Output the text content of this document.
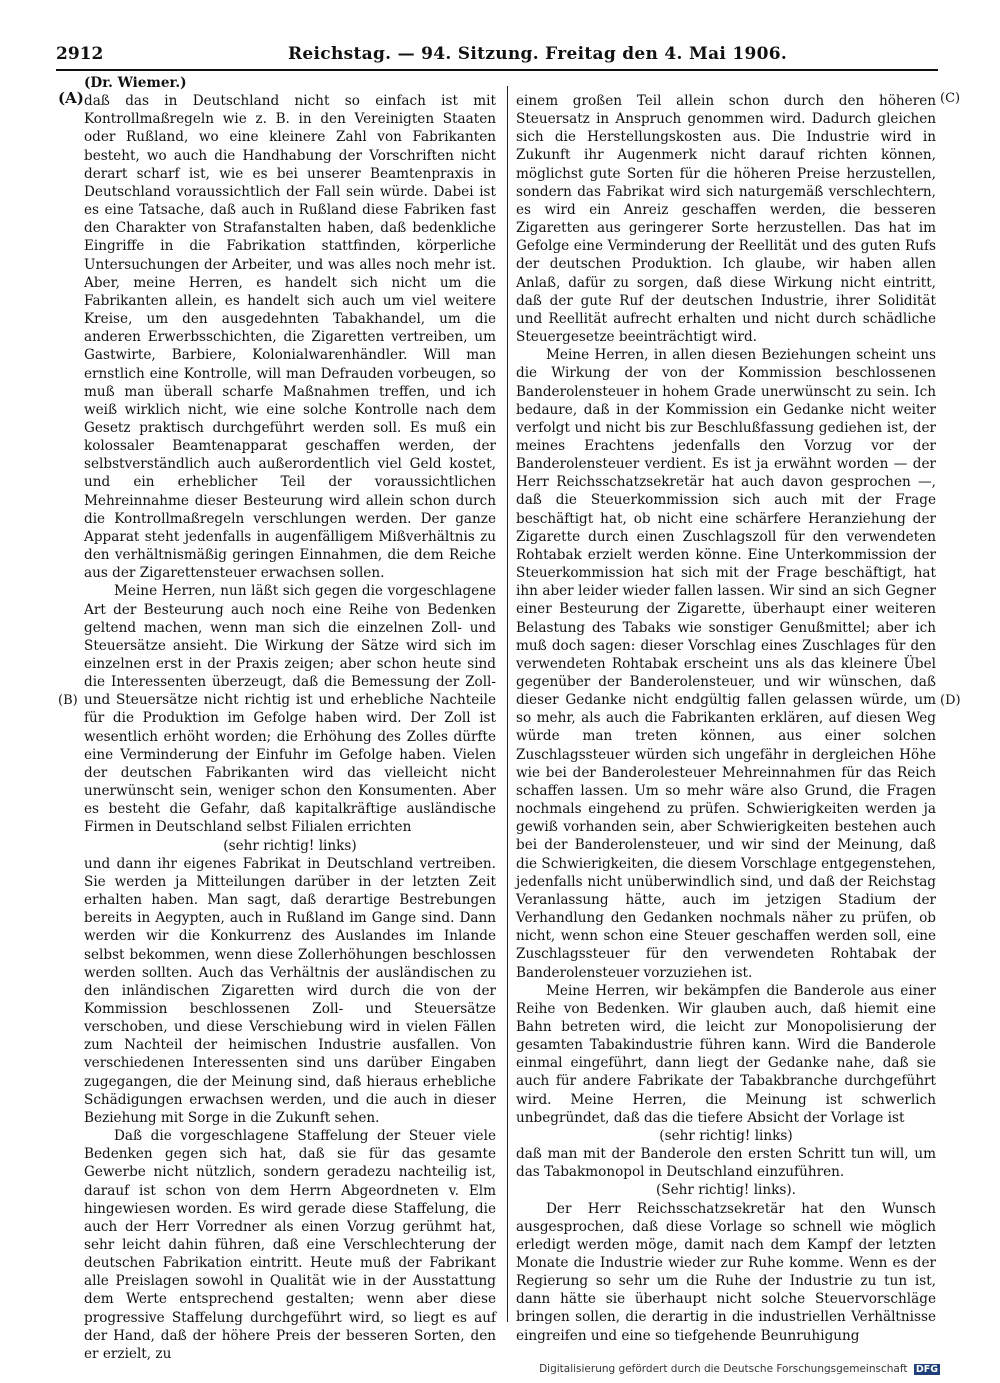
2912	Reichstag. — 94. Sitzung. Freitag den 4. Mai 1906.
(A)
(B)
(C)
(D)

(Dr. Wiemer.)

daß das in Deutschland nicht so einfach ist mit Kontrollmaßregeln wie z. B. in den Vereinigten Staaten oder Rußland, wo eine kleinere Zahl von Fabrikanten besteht, wo auch die Handhabung der Vorschriften nicht derart scharf ist, wie es bei unserer Beamtenpraxis in Deutschland voraussichtlich der Fall sein würde. Dabei ist es eine Tatsache, daß auch in Rußland diese Fabriken fast den Charakter von Strafanstalten haben, daß bedenkliche Eingriffe in die Fabrikation stattfinden, körperliche Untersuchungen der Arbeiter, und was alles noch mehr ist. Aber, meine Herren, es handelt sich nicht um die Fabrikanten allein, es handelt sich auch um viel weitere Kreise, um den ausgedehnten Tabakhandel, um die anderen Erwerbsschichten, die Zigaretten vertreiben, um Gastwirte, Barbiere, Kolonialwarenhändler. Will man ernstlich eine Kontrolle, will man Defrauden vorbeugen, so muß man überall scharfe Maßnahmen treffen, und ich weiß wirklich nicht, wie eine solche Kontrolle nach dem Gesetz praktisch durchgeführt werden soll. Es muß ein kolossaler Beamtenapparat geschaffen werden, der selbstverständlich auch außerordentlich viel Geld kostet, und ein erheblicher Teil der voraussichtlichen Mehreinnahme dieser Besteurung wird allein schon durch die Kontrollmaßregeln verschlungen werden. Der ganze Apparat steht jedenfalls in augenfälligem Mißverhältnis zu den verhältnismäßig geringen Einnahmen, die dem Reiche aus der Zigarettensteuer erwachsen sollen.

Meine Herren, nun läßt sich gegen die vorgeschlagene Art der Besteurung auch noch eine Reihe von Bedenken geltend machen, wenn man sich die einzelnen Zoll- und Steuersätze ansieht. Die Wirkung der Sätze wird sich im einzelnen erst in der Praxis zeigen; aber schon heute sind die Interessenten überzeugt, daß die Bemessung der Zoll- und Steuersätze nicht richtig ist und erhebliche Nachteile für die Produktion im Gefolge haben wird. Der Zoll ist wesentlich erhöht worden; die Erhöhung des Zolles dürfte eine Verminderung der Einfuhr im Gefolge haben. Vielen der deutschen Fabrikanten wird das vielleicht nicht unerwünscht sein, weniger schon den Konsumenten. Aber es besteht die Gefahr, daß kapitalkräftige ausländische Firmen in Deutschland selbst Filialen errichten

(sehr richtig! links)

und dann ihr eigenes Fabrikat in Deutschland vertreiben. Sie werden ja Mitteilungen darüber in der letzten Zeit erhalten haben. Man sagt, daß derartige Bestrebungen bereits in Aegypten, auch in Rußland im Gange sind. Dann werden wir die Konkurrenz des Auslandes im Inlande selbst bekommen, wenn diese Zollerhöhungen beschlossen werden sollten. Auch das Verhältnis der ausländischen zu den inländischen Zigaretten wird durch die von der Kommission beschlossenen Zoll- und Steuersätze verschoben, und diese Verschiebung wird in vielen Fällen zum Nachteil der heimischen Industrie ausfallen. Von verschiedenen Interessenten sind uns darüber Eingaben zugegangen, die der Meinung sind, daß hieraus erhebliche Schädigungen erwachsen werden, und die auch in dieser Beziehung mit Sorge in die Zukunft sehen.

Daß die vorgeschlagene Staffelung der Steuer viele Bedenken gegen sich hat, daß sie für das gesamte Gewerbe nicht nützlich, sondern geradezu nachteilig ist, darauf ist schon von dem Herrn Abgeordneten v. Elm hingewiesen worden. Es wird gerade diese Staffelung, die auch der Herr Vorredner als einen Vorzug gerühmt hat, sehr leicht dahin führen, daß eine Verschlechterung der deutschen Fabrikation eintritt. Heute muß der Fabrikant alle Preislagen sowohl in Qualität wie in der Ausstattung dem Werte entsprechend gestalten; wenn aber diese progressive Staffelung durchgeführt wird, so liegt es auf der Hand, daß der höhere Preis der besseren Sorten, den er erzielt, zu

einem großen Teil allein schon durch den höheren Steuersatz in Anspruch genommen wird. Dadurch gleichen sich die Herstellungskosten aus. Die Industrie wird in Zukunft ihr Augenmerk nicht darauf richten können, möglichst gute Sorten für die höheren Preise herzustellen, sondern das Fabrikat wird sich naturgemäß verschlechtern, es wird ein Anreiz geschaffen werden, die besseren Zigaretten aus geringerer Sorte herzustellen. Das hat im Gefolge eine Verminderung der Reellität und des guten Rufs der deutschen Produktion. Ich glaube, wir haben allen Anlaß, dafür zu sorgen, daß diese Wirkung nicht eintritt, daß der gute Ruf der deutschen Industrie, ihrer Solidität und Reellität aufrecht erhalten und nicht durch schädliche Steuergesetze beeinträchtigt wird.

Meine Herren, in allen diesen Beziehungen scheint uns die Wirkung der von der Kommission beschlossenen Banderolensteuer in hohem Grade unerwünscht zu sein. Ich bedaure, daß in der Kommission ein Gedanke nicht weiter verfolgt und nicht bis zur Beschlußfassung gediehen ist, der meines Erachtens jedenfalls den Vorzug vor der Banderolensteuer verdient. Es ist ja erwähnt worden — der Herr Reichsschatzsekretär hat auch davon gesprochen —, daß die Steuerkommission sich auch mit der Frage beschäftigt hat, ob nicht eine schärfere Heranziehung der Zigarette durch einen Zuschlagszoll für den verwendeten Rohtabak erzielt werden könne. Eine Unterkommission der Steuerkommission hat sich mit der Frage beschäftigt, hat ihn aber leider wieder fallen lassen. Wir sind an sich Gegner einer Besteurung der Zigarette, überhaupt einer weiteren Belastung des Tabaks wie sonstiger Genußmittel; aber ich muß doch sagen: dieser Vorschlag eines Zuschlages für den verwendeten Rohtabak erscheint uns als das kleinere Übel gegenüber der Banderolensteuer, und wir wünschen, daß dieser Gedanke nicht endgültig fallen gelassen würde, um so mehr, als auch die Fabrikanten erklären, auf diesen Weg würde man treten können, aus einer solchen Zuschlagssteuer würden sich ungefähr in dergleichen Höhe wie bei der Banderolesteuer Mehreinnahmen für das Reich schaffen lassen. Um so mehr wäre also Grund, die Fragen nochmals eingehend zu prüfen. Schwierigkeiten werden ja gewiß vorhanden sein, aber Schwierigkeiten bestehen auch bei der Banderolensteuer, und wir sind der Meinung, daß die Schwierigkeiten, die diesem Vorschlage entgegenstehen, jedenfalls nicht unüberwindlich sind, und daß der Reichstag Veranlassung hätte, auch im jetzigen Stadium der Verhandlung den Gedanken nochmals näher zu prüfen, ob nicht, wenn schon eine Steuer geschaffen werden soll, eine Zuschlagssteuer für den verwendeten Rohtabak der Banderolensteuer vorzuziehen ist.

Meine Herren, wir bekämpfen die Banderole aus einer Reihe von Bedenken. Wir glauben auch, daß hiemit eine Bahn betreten wird, die leicht zur Monopolisierung der gesamten Tabakindustrie führen kann. Wird die Banderole einmal eingeführt, dann liegt der Gedanke nahe, daß sie auch für andere Fabrikate der Tabakbranche durchgeführt wird. Meine Herren, die Meinung ist schwerlich unbegründet, daß das die tiefere Absicht der Vorlage ist

(sehr richtig! links)

daß man mit der Banderole den ersten Schritt tun will, um das Tabakmonopol in Deutschland einzuführen.

(Sehr richtig! links).

Der Herr Reichsschatzsekretär hat den Wunsch ausgesprochen, daß diese Vorlage so schnell wie möglich erledigt werden möge, damit nach dem Kampf der letzten Monate die Industrie wieder zur Ruhe komme. Wenn es der Regierung so sehr um die Ruhe der Industrie zu tun ist, dann hätte sie überhaupt nicht solche Steuervorschläge bringen sollen, die derartig in die industriellen Verhältnisse eingreifen und eine so tiefgehende Beunruhigung

Digitalisierung gefördert durch die Deutsche Forschungsgemeinschaft DFG
